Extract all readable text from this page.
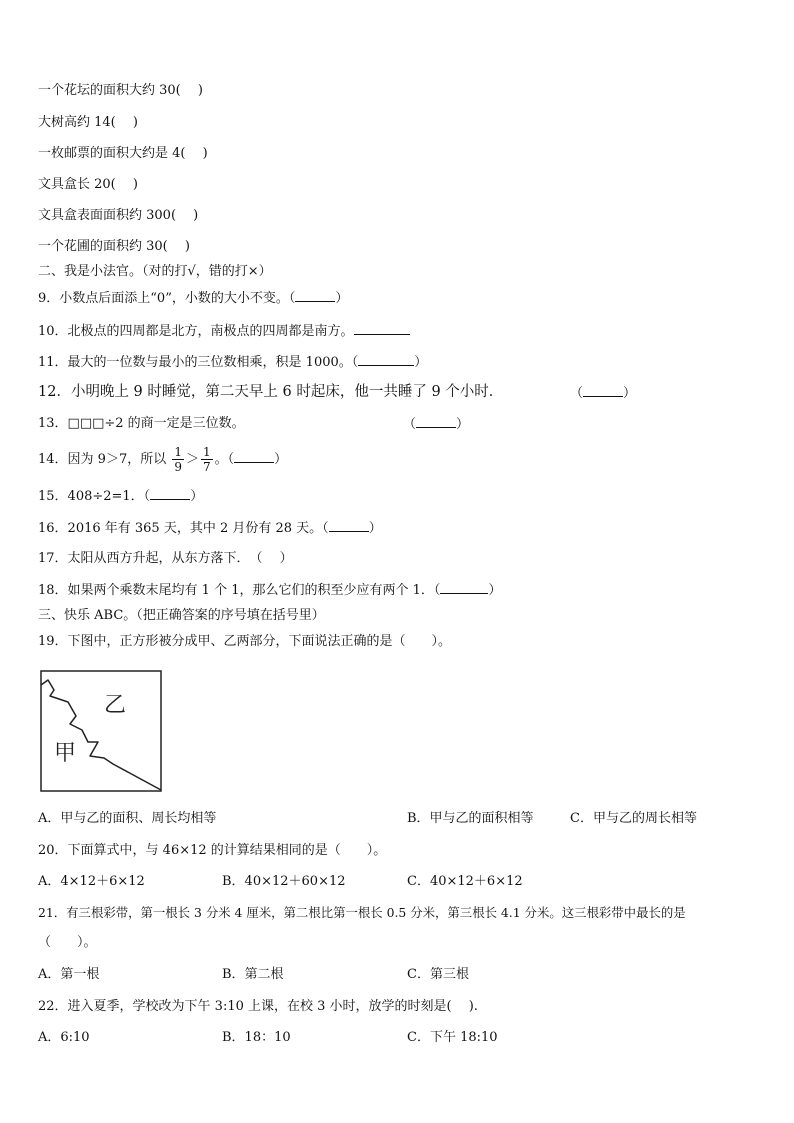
一个花坛的面积大约 30(　 )
大树高约 14(　 )
一枚邮票的面积大约是 4(　 )
文具盒长 20(　 )
文具盒表面面积约 300(　 )
一个花圃的面积约 30(　 )
二、我是小法官。（对的打√，错的打×）
9．小数点后面添上“0”，小数的大小不变。（	）
10．北极点的四周都是北方，南极点的四周都是南方。
11．最大的一位数与最小的三位数相乘，积是 1000。（	）
12．小明晚上 9 时睡觉，第二天早上 6 时起床，他一共睡了 9 个小时．	（	）
13．□□□÷2 的商一定是三位数。	（	）
14．因为 9＞7，所以 $\frac{1}{9} > \frac{1}{7}$ 。（	）
15．408÷2=1．（	）
16．2016 年有 365 天，其中 2 月份有 28 天。（	）
17．太阳从西方升起，从东方落下．　（　 ）
18．如果两个乘数末尾均有 1 个 1，那么它们的积至少应有两个 1．（	）
三、快乐 ABC。（把正确答案的序号填在括号里）
19．下图中，正方形被分成甲、乙两部分，下面说法正确的是（　　）。
乙
甲
A．甲与乙的面积、周长均相等	B．甲与乙的面积相等	C．甲与乙的周长相等
20．下面算式中，与 46×12 的计算结果相同的是（　　）。
A．4×12＋6×12	B．40×12＋60×12	C．40×12＋6×12
21．有三根彩带，第一根长 3 分米 4 厘米，第二根比第一根长 0.5 分米，第三根长 4.1 分米。这三根彩带中最长的是
（　　）。
A．第一根	B．第二根	C．第三根
22．进入夏季，学校改为下午 3:10 上课，在校 3 小时，放学的时刻是(　 ).
A．6:10	B．18：10	C．下午 18:10
